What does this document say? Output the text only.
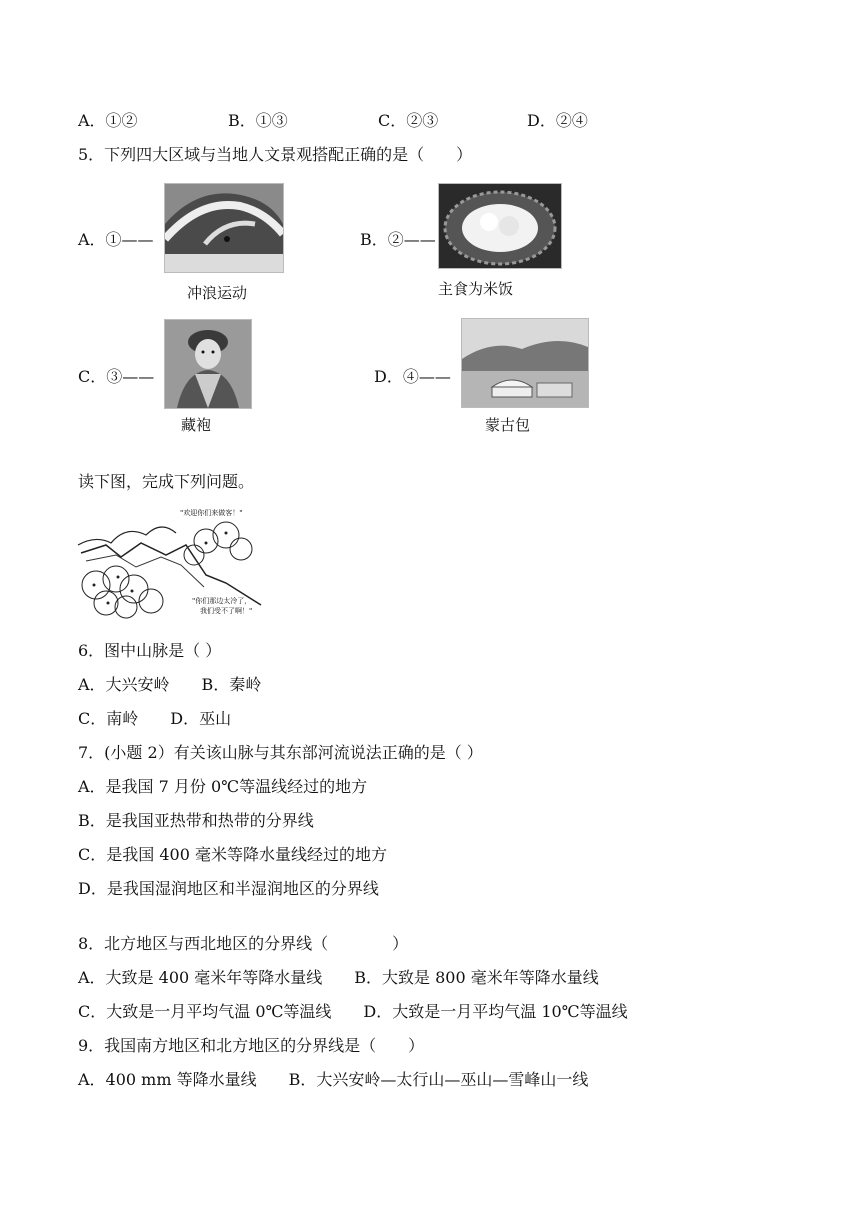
A．①②	B．①③	C．②③	D．②④
5．下列四大区域与当地人文景观搭配正确的是（　　）
A．①——
冲浪运动
B．②——
主食为米饭
C．③——
藏袍
D．④——
蒙古包
读下图，完成下列问题。
"欢迎你们来做客！"
"你们那边太冷了，
我们受不了啊！"
6．图中山脉是（ ）
A．大兴安岭　　B．秦岭
C．南岭　　D．巫山
7．(小题 2）有关该山脉与其东部河流说法正确的是（ ）
A．是我国 7 月份 0℃等温线经过的地方
B．是我国亚热带和热带的分界线
C．是我国 400 毫米等降水量线经过的地方
D．是我国湿润地区和半湿润地区的分界线
8．北方地区与西北地区的分界线（　　　　）
A．大致是 400 毫米年等降水量线　　B．大致是 800 毫米年等降水量线
C．大致是一月平均气温 0℃等温线　　D．大致是一月平均气温 10℃等温线
9．我国南方地区和北方地区的分界线是（　　）
A．400 mm 等降水量线　　B．大兴安岭—太行山—巫山—雪峰山一线
